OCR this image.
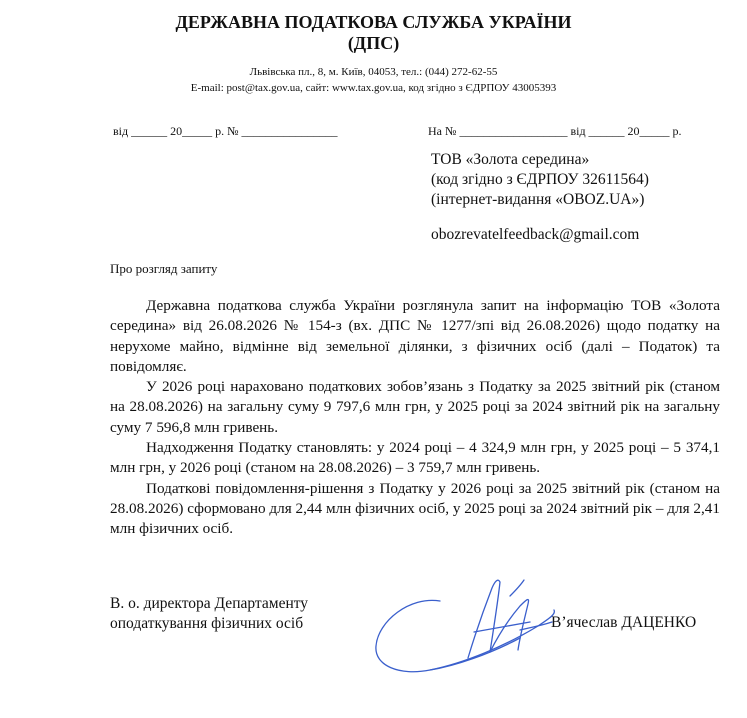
ДЕРЖАВНА ПОДАТКОВА СЛУЖБА УКРАЇНИ
(ДПС)
Львівська пл., 8, м. Київ, 04053, тел.: (044) 272-62-55
E-mail: post@tax.gov.ua, сайт: www.tax.gov.ua, код згідно з ЄДРПОУ 43005393
від ______ 20_____ р. № ________________	На № __________________ від ______ 20_____ р.
ТОВ «Золота середина»
(код згідно з ЄДРПОУ 32611564)
(інтернет-видання «OBOZ.UA»)
obozrevatelfeedback@gmail.com
Про розгляд запиту

Державна податкова служба України розглянула запит на інформацію ТОВ «Золота середина» від 26.08.2026 № 154-з (вх. ДПС № 1277/зпі від 26.08.2026) щодо податку на нерухоме майно, відмінне від земельної ділянки, з фізичних осіб (далі – Податок) та повідомляє.

У 2026 році нараховано податкових зобов’язань з Податку за 2025 звітний рік (станом на 28.08.2026) на загальну суму 9 797,6 млн грн, у 2025 році за 2024 звітний рік на загальну суму 7 596,8 млн гривень.

Надходження Податку становлять: у 2024 році – 4 324,9 млн грн, у 2025 році – 5 374,1 млн грн, у 2026 році (станом на 28.08.2026) – 3 759,7 млн гривень.

Податкові повідомлення-рішення з Податку у 2026 році за 2025 звітний рік (станом на 28.08.2026) сформовано для 2,44 млн фізичних осіб, у 2025 році за 2024 звітний рік – для 2,41 млн фізичних осіб.

В. о. директора Департаменту
оподаткування фізичних осіб	В’ячеслав ДАЦЕНКО
